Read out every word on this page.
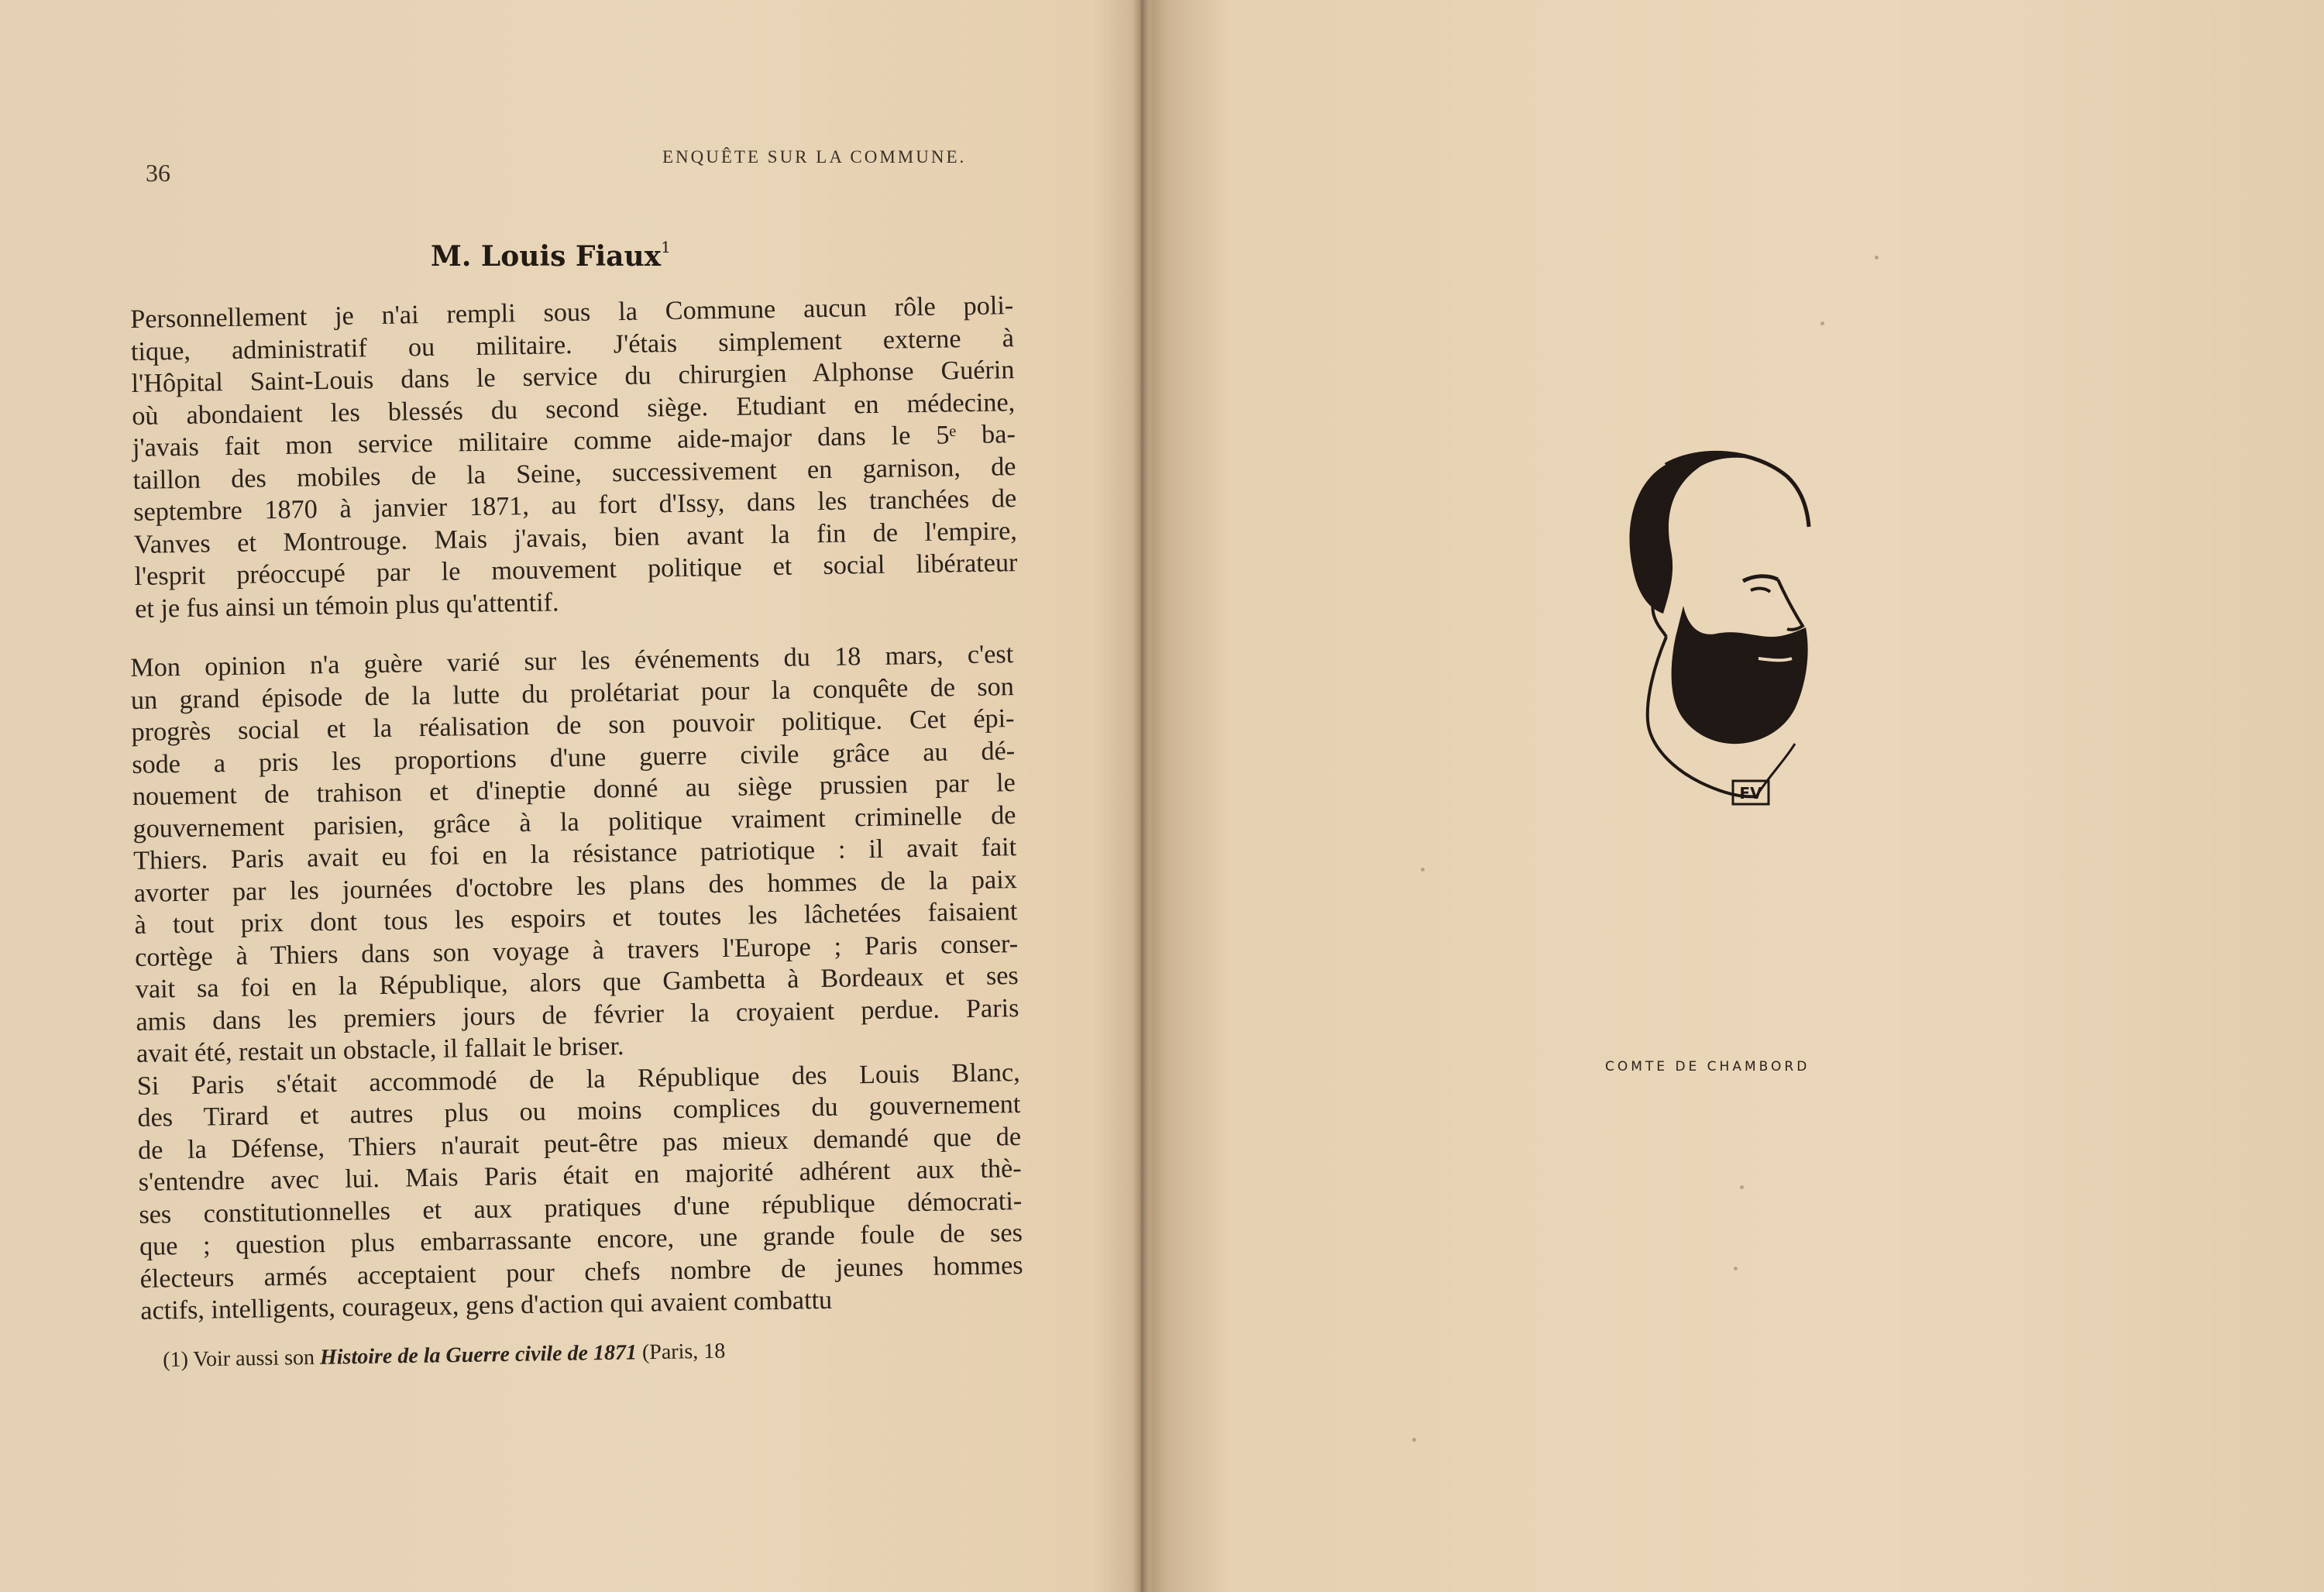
36
ENQUÊTE SUR LA COMMUNE.
M. Louis Fiaux$^1$
Personnellement je n'ai rempli sous la Commune aucun rôle poli-
tique, administratif ou militaire. J'étais simplement externe à
l'Hôpital Saint-Louis dans le service du chirurgien Alphonse Guérin
où abondaient les blessés du second siège. Etudiant en médecine,
j'avais fait mon service militaire comme aide-major dans le 5ᵉ ba-
taillon des mobiles de la Seine, successivement en garnison, de
septembre 1870 à janvier 1871, au fort d'Issy, dans les tranchées de
Vanves et Montrouge. Mais j'avais, bien avant la fin de l'empire,
l'esprit préoccupé par le mouvement politique et social libérateur
et je fus ainsi un témoin plus qu'attentif.
Mon opinion n'a guère varié sur les événements du 18 mars, c'est
un grand épisode de la lutte du prolétariat pour la conquête de son
progrès social et la réalisation de son pouvoir politique. Cet épi-
sode a pris les proportions d'une guerre civile grâce au dé-
nouement de trahison et d'ineptie donné au siège prussien par le
gouvernement parisien, grâce à la politique vraiment criminelle de
Thiers. Paris avait eu foi en la résistance patriotique : il avait fait
avorter par les journées d'octobre les plans des hommes de la paix
à tout prix dont tous les espoirs et toutes les lâchetées faisaient
cortège à Thiers dans son voyage à travers l'Europe ; Paris conser-
vait sa foi en la République, alors que Gambetta à Bordeaux et ses
amis dans les premiers jours de février la croyaient perdue. Paris
avait été, restait un obstacle, il fallait le briser.
Si Paris s'était accommodé de la République des Louis Blanc,
des Tirard et autres plus ou moins complices du gouvernement
de la Défense, Thiers n'aurait peut-être pas mieux demandé que de
s'entendre avec lui. Mais Paris était en majorité adhérent aux thè-
ses constitutionnelles et aux pratiques d'une république démocrati-
que ; question plus embarrassante encore, une grande foule de ses
électeurs armés acceptaient pour chefs nombre de jeunes hommes
actifs, intelligents, courageux, gens d'action qui avaient combattu
(1) Voir aussi son Histoire de la Guerre civile de 1871 (Paris, 18
FV
COMTE DE CHAMBORD
